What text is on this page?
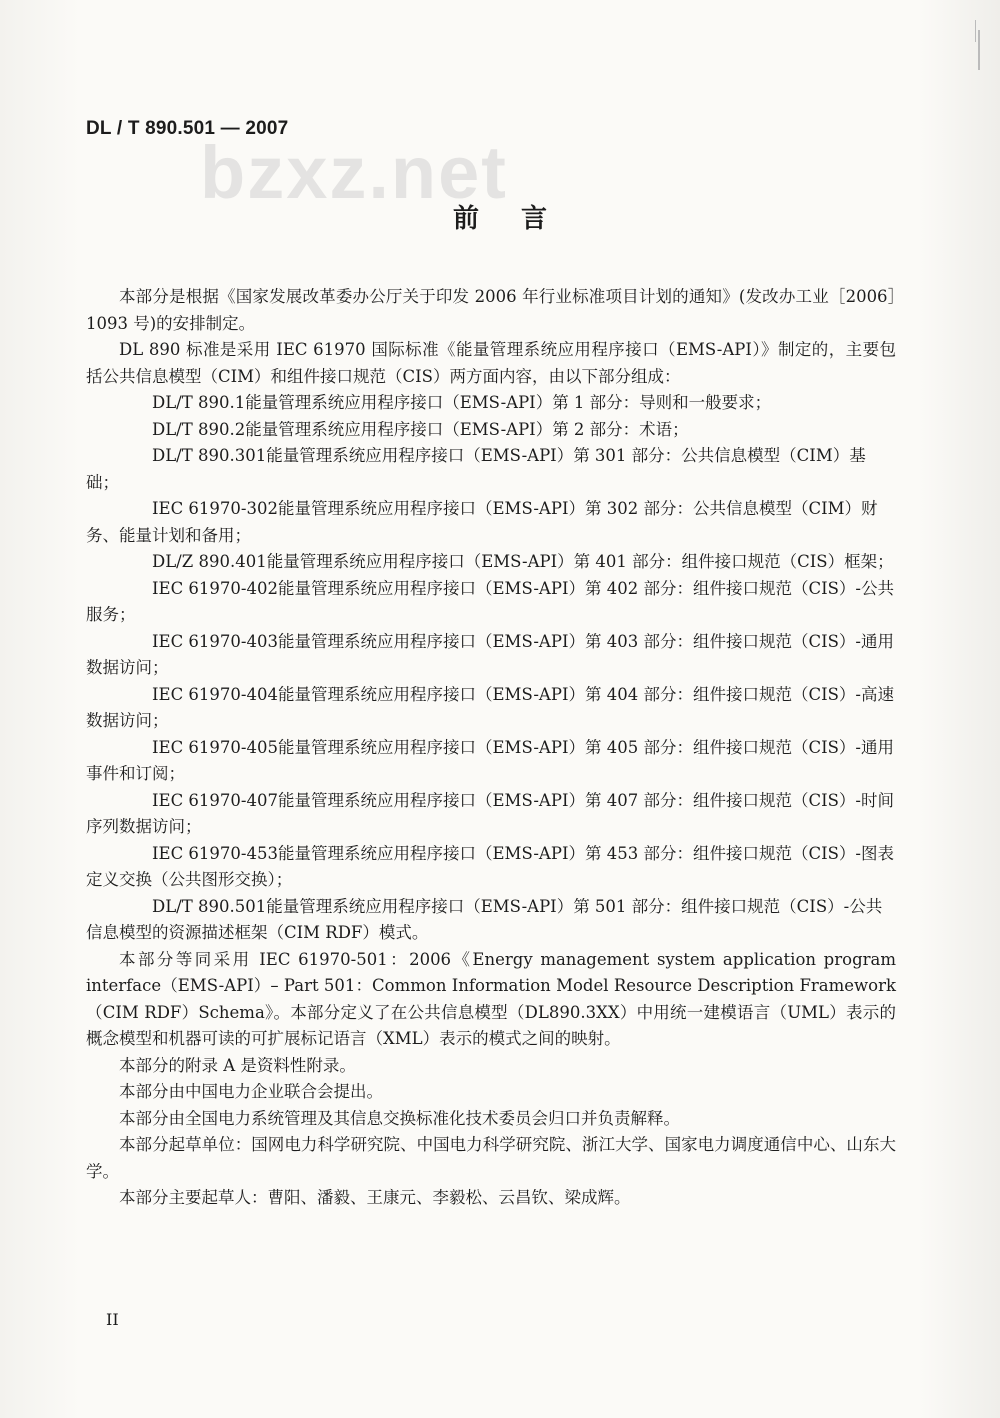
DL / T 890.501 — 2007
bzxz.net
前言

本部分是根据《国家发展改革委办公厅关于印发 2006 年行业标准项目计划的通知》(发改办工业［2006］1093 号)的安排制定。

DL 890 标准是采用 IEC 61970 国际标准《能量管理系统应用程序接口（EMS-API）》制定的，主要包括公共信息模型（CIM）和组件接口规范（CIS）两方面内容，由以下部分组成：

DL/T 890.1能量管理系统应用程序接口（EMS-API）第 1 部分：导则和一般要求；

DL/T 890.2能量管理系统应用程序接口（EMS-API）第 2 部分：术语；

DL/T 890.301能量管理系统应用程序接口（EMS-API）第 301 部分：公共信息模型（CIM）基础；

IEC 61970-302能量管理系统应用程序接口（EMS-API）第 302 部分：公共信息模型（CIM）财务、能量计划和备用；

DL/Z 890.401能量管理系统应用程序接口（EMS-API）第 401 部分：组件接口规范（CIS）框架；

IEC 61970-402能量管理系统应用程序接口（EMS-API）第 402 部分：组件接口规范（CIS）-公共服务；

IEC 61970-403能量管理系统应用程序接口（EMS-API）第 403 部分：组件接口规范（CIS）-通用数据访问；

IEC 61970-404能量管理系统应用程序接口（EMS-API）第 404 部分：组件接口规范（CIS）-高速数据访问；

IEC 61970-405能量管理系统应用程序接口（EMS-API）第 405 部分：组件接口规范（CIS）-通用事件和订阅；

IEC 61970-407能量管理系统应用程序接口（EMS-API）第 407 部分：组件接口规范（CIS）-时间序列数据访问；

IEC 61970-453能量管理系统应用程序接口（EMS-API）第 453 部分：组件接口规范（CIS）-图表定义交换（公共图形交换）；

DL/T 890.501能量管理系统应用程序接口（EMS-API）第 501 部分：组件接口规范（CIS）-公共信息模型的资源描述框架（CIM RDF）模式。

本部分等同采用 IEC 61970-501：2006《Energy management system application program interface（EMS-API）– Part 501：Common Information Model Resource Description Framework（CIM RDF）Schema》。本部分定义了在公共信息模型（DL890.3XX）中用统一建模语言（UML）表示的概念模型和机器可读的可扩展标记语言（XML）表示的模式之间的映射。

本部分的附录 A 是资料性附录。

本部分由中国电力企业联合会提出。

本部分由全国电力系统管理及其信息交换标准化技术委员会归口并负责解释。

本部分起草单位：国网电力科学研究院、中国电力科学研究院、浙江大学、国家电力调度通信中心、山东大学。

本部分主要起草人：曹阳、潘毅、王康元、李毅松、云昌钦、梁成辉。

II
